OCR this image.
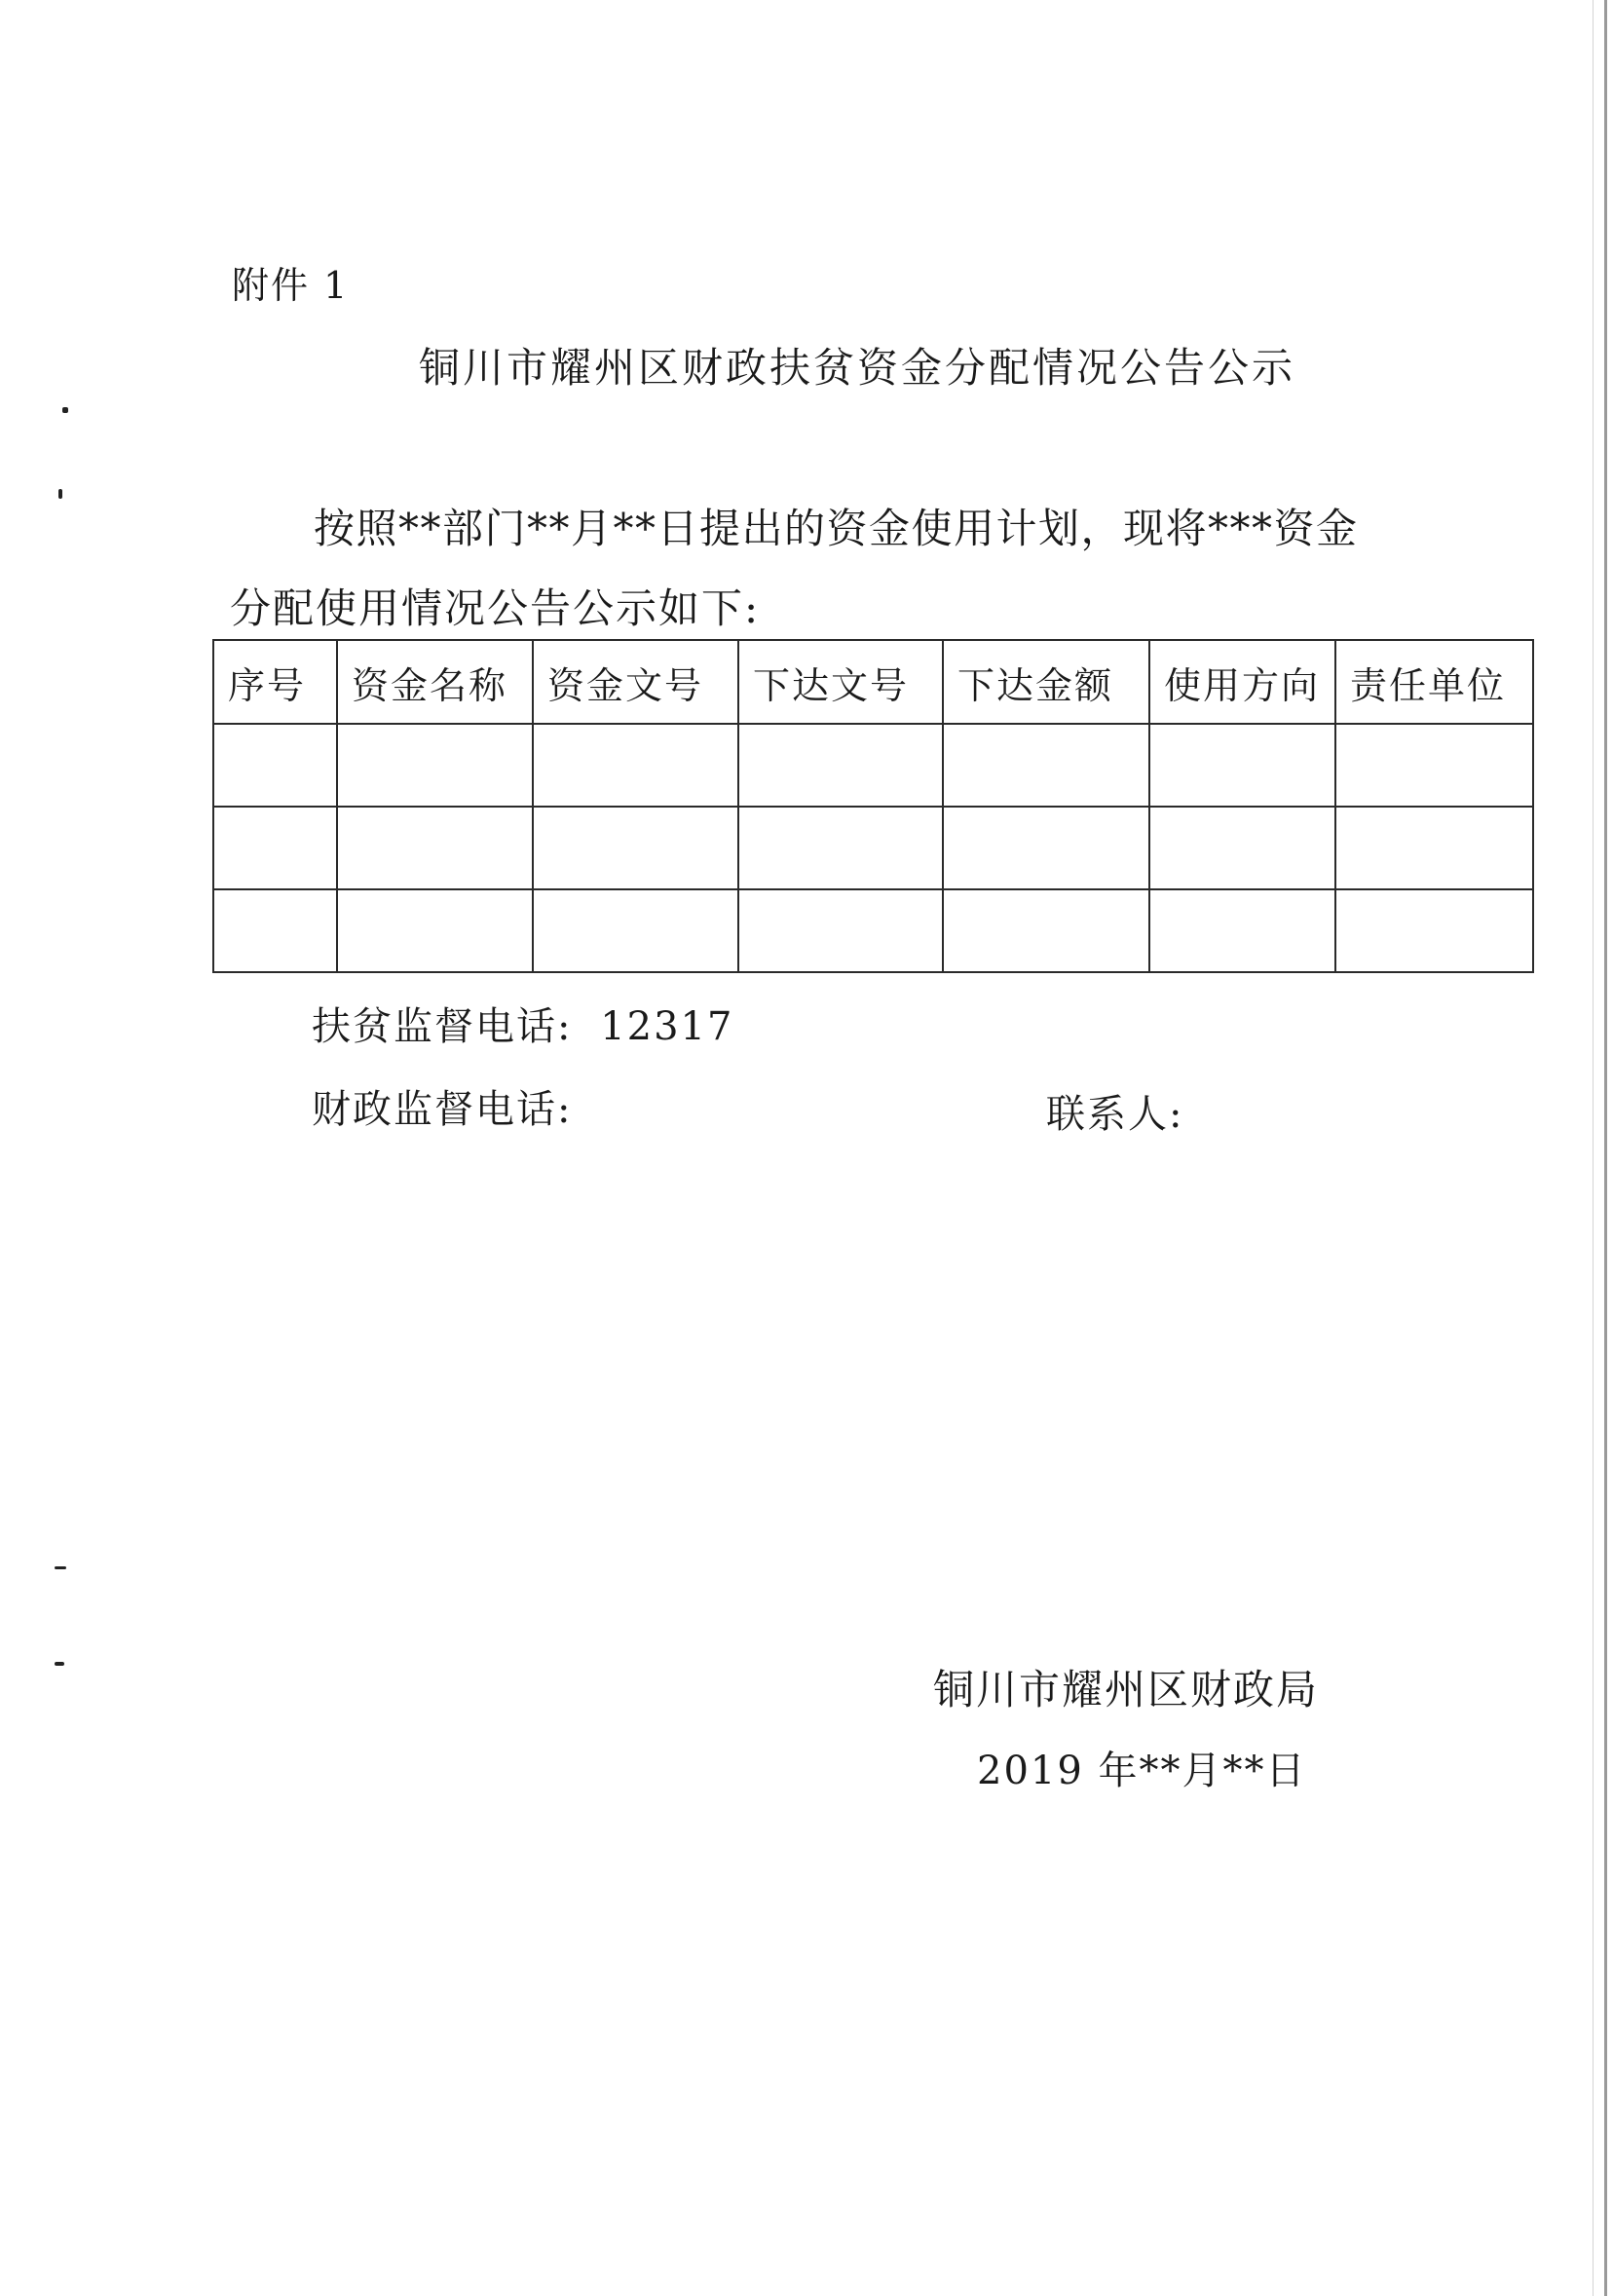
附件 1
铜川市耀州区财政扶贫资金分配情况公告公示
按照**部门**月**日提出的资金使用计划，现将***资金
分配使用情况公告公示如下:
序号	资金名称	资金文号	下达文号	下达金额	使用方向	责任单位

扶贫监督电话: 12317
财政监督电话:	联系人:
铜川市耀州区财政局
2019 年**月**日
